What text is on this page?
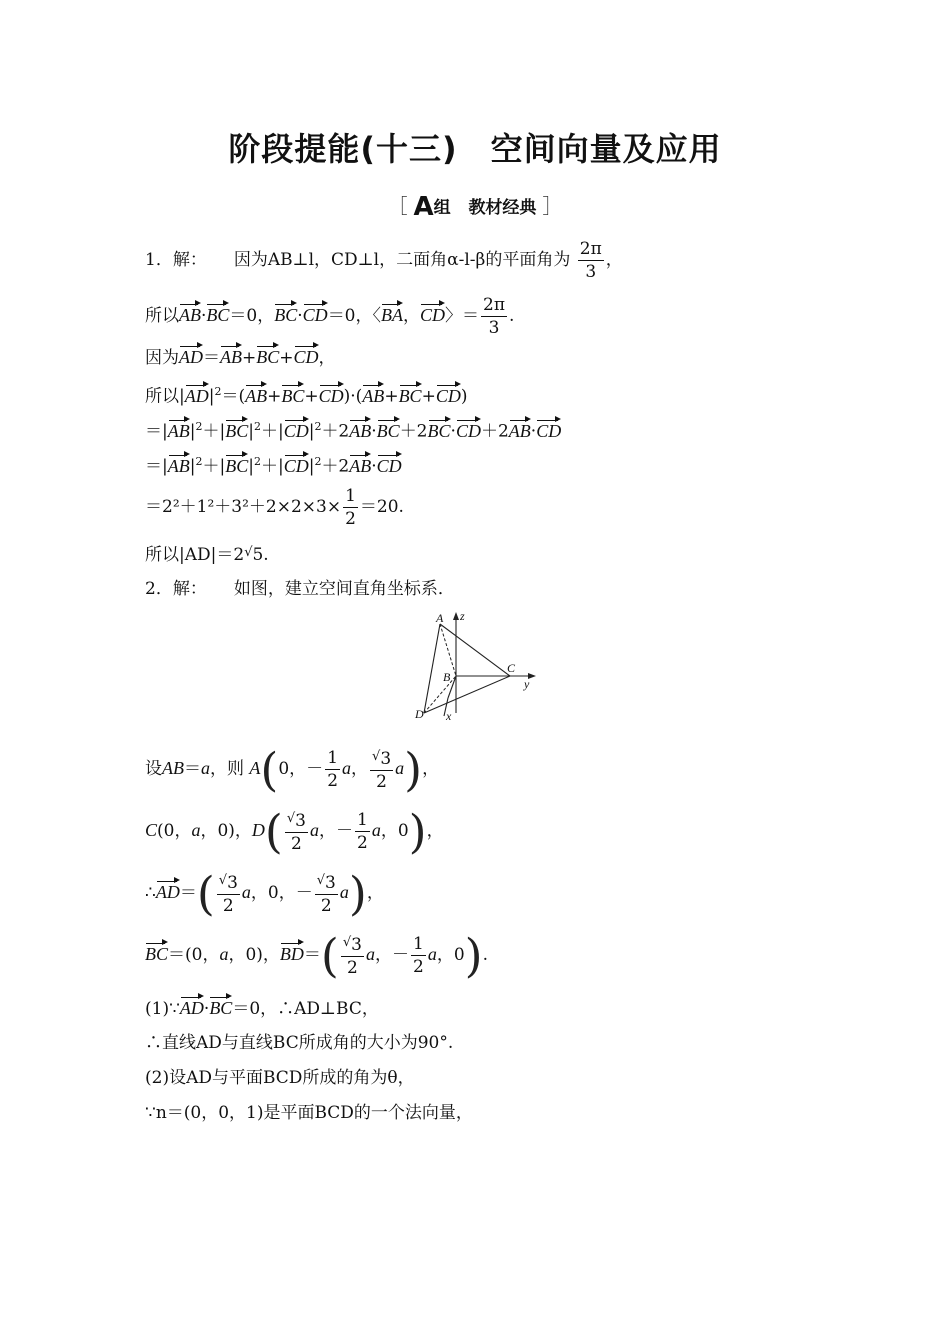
阶段提能(十三)　空间向量及应用
［ A组 教材经典 ］
1．解： 因为AB⊥l，CD⊥l，二面角α-l-β的平面角为 $\frac{2\pi}{3}$ ，
所以AB·BC＝0，BC·CD＝0，〈BA，CD〉＝ $\frac{2\pi}{3}$ .
因为AD＝AB+BC+CD，
所以$|AD|^2=(AB+BC+CD)\cdot(AB+BC+CD)$
$=|AB|^2+|BC|^2+|CD|^2+2AB\cdot BC+2BC\cdot CD+2AB\cdot CD$
$=|AB|^2+|BC|^2+|CD|^2+2AB\cdot CD$
$=2^2+1^2+3^2+2\times 2\times 3\times \frac{1}{2} =20$.
所以|AD|＝2√5.
2．解： 如图，建立空间直角坐标系．
A z
B
C
y
D x
设AB＝a，则 A(0，－ $\frac{1}{2}$ a， $\frac{^√3}{2} a$)，
C(0，a，0)，$D( \frac{^√3}{2}$ a，－ $\frac{1}{2}$ a，0)，
∴AD＝( $\frac{^√3}{2}$ a，0，－ $\frac{^√3}{2} a$)，
BC＝(0，a，0)，$BD=( \frac{^√3}{2}$ a，－ $\frac{1}{2}$ a，0).
(1)∵AD·BC＝0，∴AD⊥BC，
∴直线AD与直线BC所成角的大小为90°.
(2)设AD与平面BCD所成的角为θ，
∵n＝(0，0，1)是平面BCD的一个法向量，
